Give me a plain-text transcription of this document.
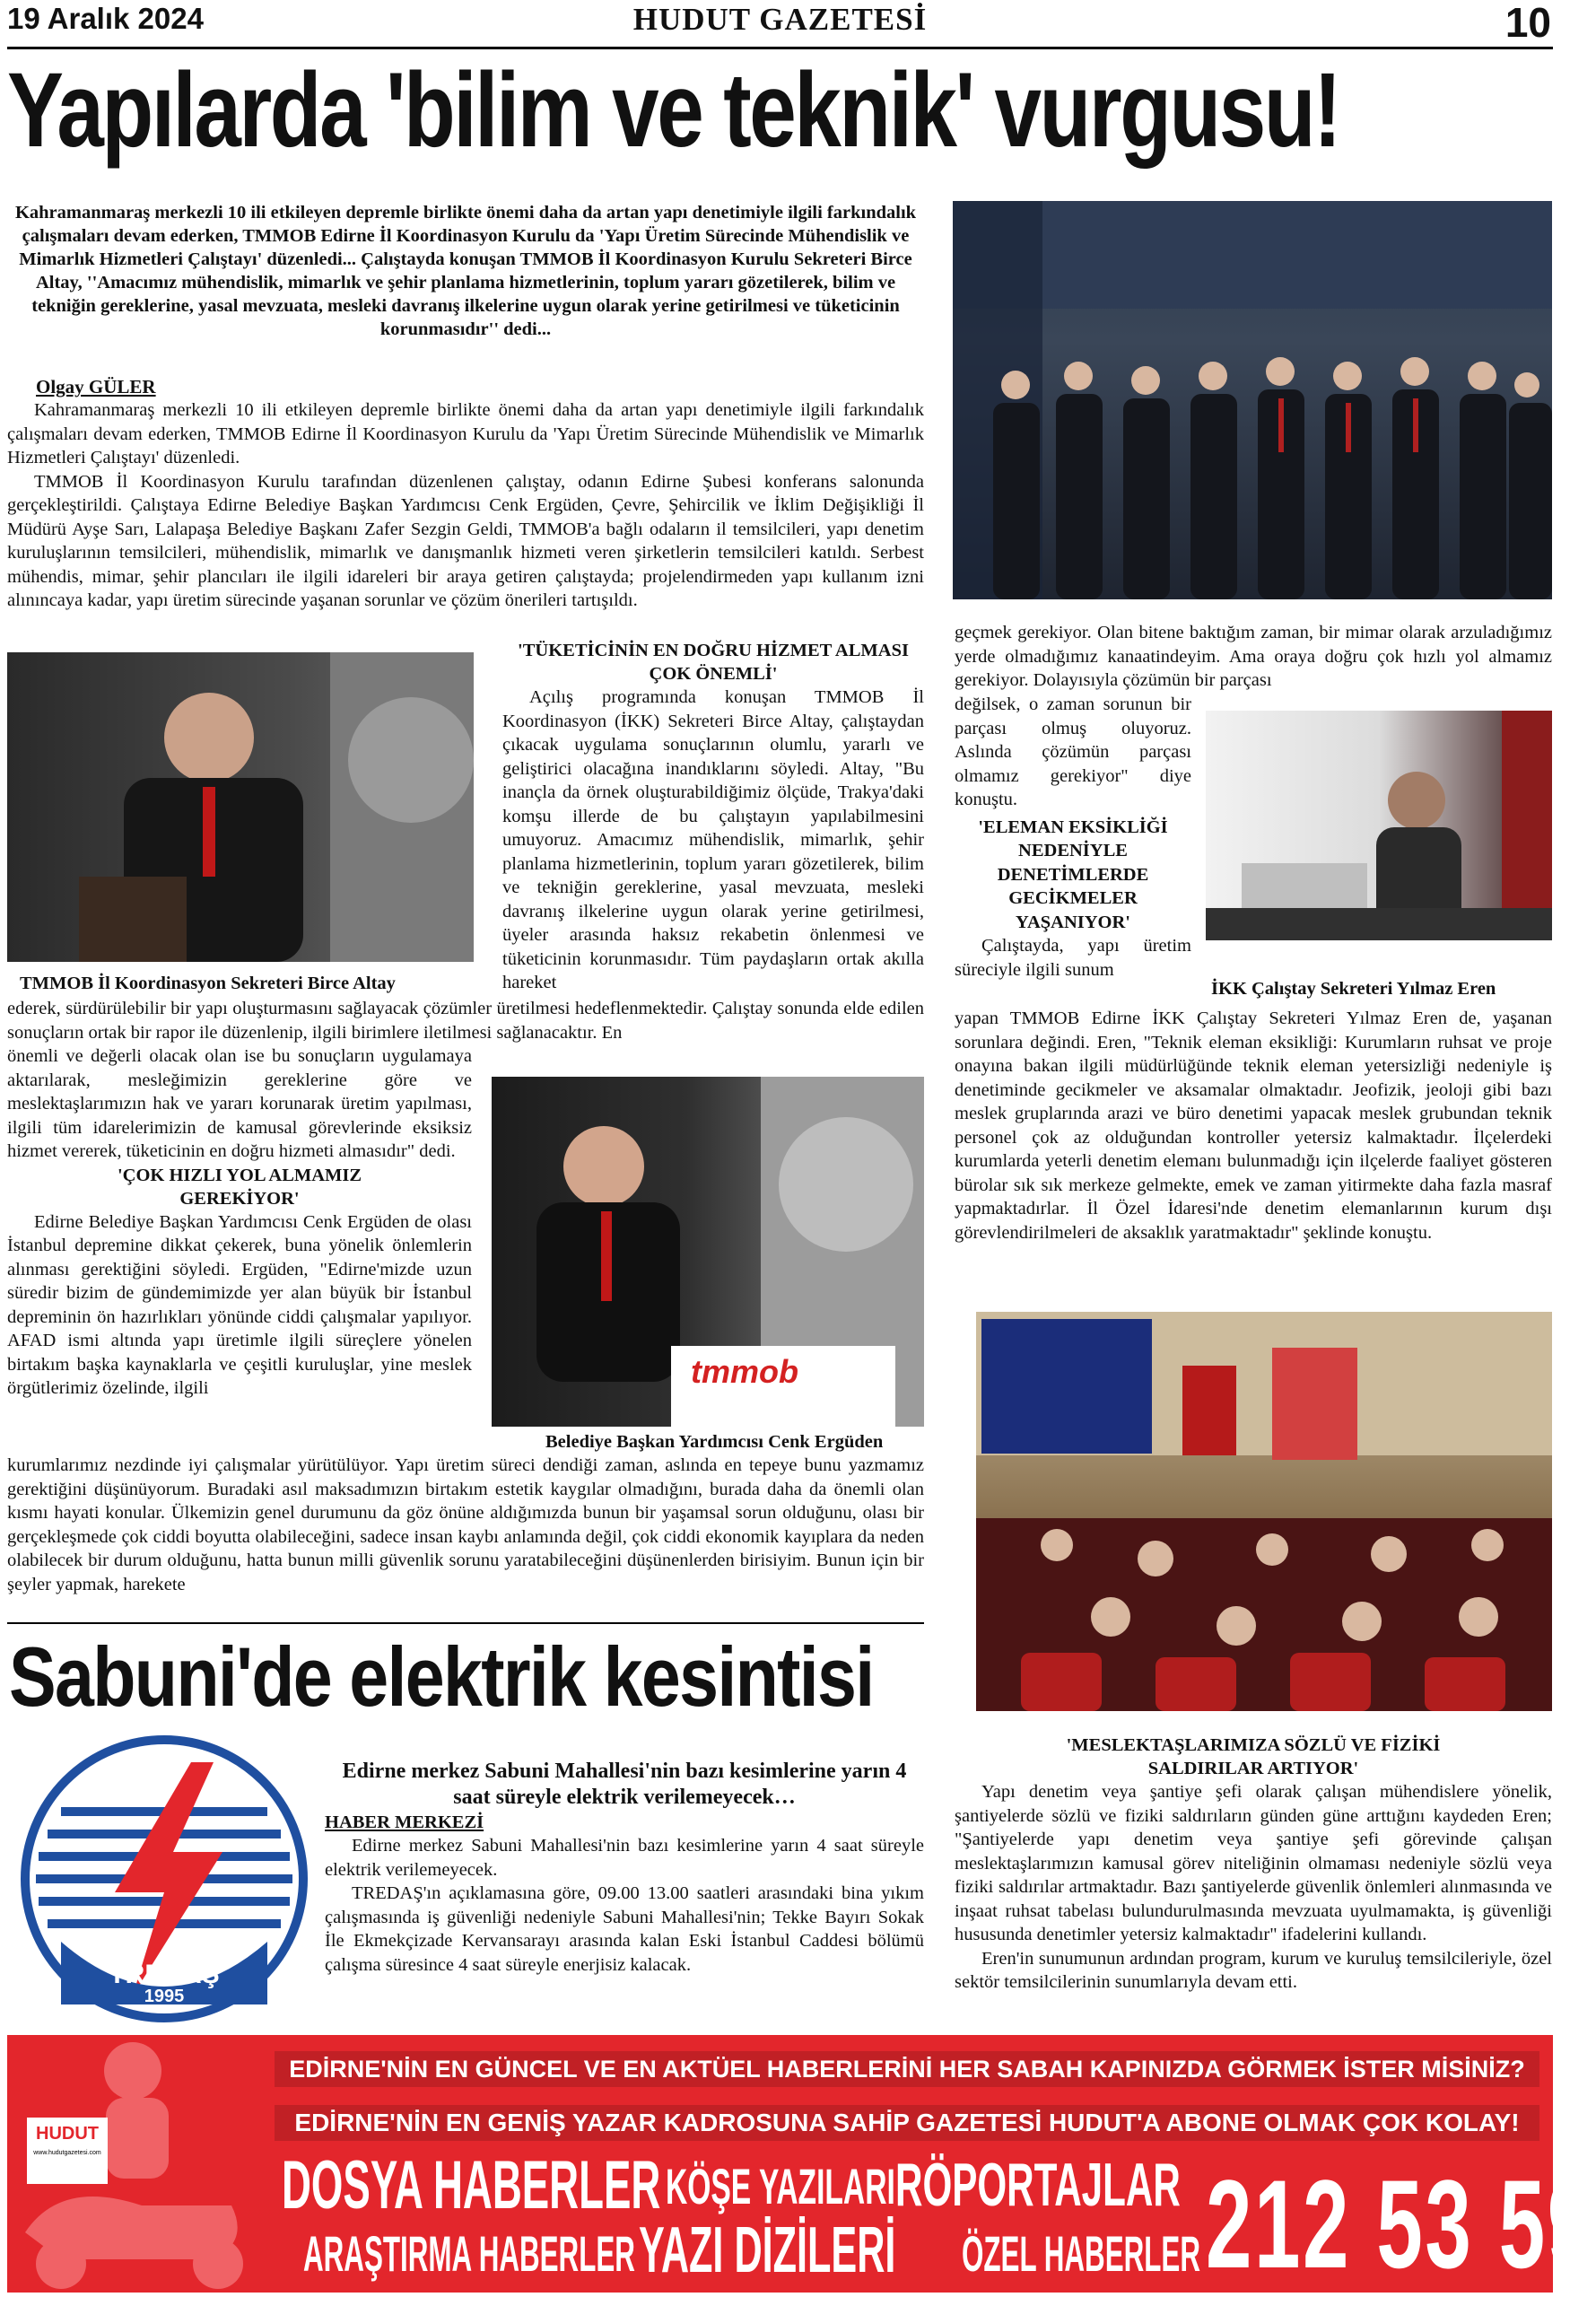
19 Aralık 2024	HUDUT GAZETESİ	10
Yapılarda 'bilim ve teknik' vurgusu!
Kahramanmaraş merkezli 10 ili etkileyen depremle birlikte önemi daha da artan yapı denetimiyle ilgili farkındalık çalışmaları devam ederken, TMMOB Edirne İl Koordinasyon Kurulu da 'Yapı Üretim Sürecinde Mühendislik ve Mimarlık Hizmetleri Çalıştayı' düzenledi... Çalıştayda konuşan TMMOB İl Koordinasyon Kurulu Sekreteri Birce Altay, ''Amacımız mühendislik, mimarlık ve şehir planlama hizmetlerinin, toplum yararı gözetilerek, bilim ve tekniğin gereklerine, yasal mevzuata, mesleki davranış ilkelerine uygun olarak yerine getirilmesi ve tüketicinin korunmasıdır'' dedi...
Olgay GÜLER

Kahramanmaraş merkezli 10 ili etkileyen depremle birlikte önemi daha da artan yapı denetimiyle ilgili farkındalık çalışmaları devam ederken, TMMOB Edirne İl Koordinasyon Kurulu da 'Yapı Üretim Sürecinde Mühendislik ve Mimarlık Hizmetleri Çalıştayı' düzenledi.

TMMOB İl Koordinasyon Kurulu tarafından düzenlenen çalıştay, odanın Edirne Şubesi konferans salonunda gerçekleştirildi. Çalıştaya Edirne Belediye Başkan Yardımcısı Cenk Ergüden, Çevre, Şehircilik ve İklim Değişikliği İl Müdürü Ayşe Sarı, Lalapaşa Belediye Başkanı Zafer Sezgin Geldi, TMMOB'a bağlı odaların il temsilcileri, yapı denetim kuruluşlarının temsilcileri, mühendislik, mimarlık ve danışmanlık hizmeti veren şirketlerin temsilcileri katıldı. Serbest mühendis, mimar, şehir plancıları ile ilgili idareleri bir araya getiren çalıştayda; projelendirmeden yapı kullanım izni alınıncaya kadar, yapı üretim sürecinde yaşanan sorunlar ve çözüm önerileri tartışıldı.

TMMOB İl Koordinasyon Sekreteri Birce Altay
'TÜKETİCİNİN EN DOĞRU HİZMET ALMASI ÇOK ÖNEMLİ'

Açılış programında konuşan TMMOB İl Koordinasyon (İKK) Sekreteri Birce Altay, çalıştaydan çıkacak uygulama sonuçlarının olumlu, yararlı ve geliştirici olacağına inandıklarını söyledi. Altay, "Bu inançla da örnek oluşturabildiğimiz ölçüde, Trakya'daki komşu illerde de bu çalıştayın yapılabilmesini umuyoruz. Amacımız mühendislik, mimarlık, şehir planlama hizmetlerinin, toplum yararı gözetilerek, bilim ve tekniğin gereklerine, yasal mevzuata, mesleki davranış ilkelerine uygun olarak yerine getirilmesi, üyeler arasında haksız rekabetin önlenmesi ve tüketicinin korunmasıdır. Tüm paydaşların ortak akılla hareket

ederek, sürdürülebilir bir yapı oluşturmasını sağlayacak çözümler üretilmesi hedeflenmektedir. Çalıştay sonunda elde edilen sonuçların ortak bir rapor ile düzenlenip, ilgili birimlere iletilmesi sağlanacaktır. En

önemli ve değerli olacak olan ise bu sonuçların uygulamaya aktarılarak, mesleğimizin gereklerine göre ve meslektaşlarımızın hak ve yararı korunarak üretim yapılması, ilgili tüm idarelerimizin de kamusal görevlerinde eksiksiz hizmet vererek, tüketicinin en doğru hizmeti almasıdır" dedi.

'ÇOK HIZLI YOL ALMAMIZ GEREKİYOR'

Edirne Belediye Başkan Yardımcısı Cenk Ergüden de olası İstanbul depremine dikkat çekerek, buna yönelik önlemlerin alınması gerektiğini söyledi. Ergüden, "Edirne'mizde uzun süredir bizim de gündemimizde yer alan büyük bir İstanbul depreminin ön hazırlıkları yönünde ciddi çalışmalar yapılıyor. AFAD ismi altında yapı üretimle ilgili süreçlere yönelen birtakım başka kaynaklarla ve çeşitli kuruluşlar, yine meslek örgütlerimiz özelinde, ilgili	tmmob
Belediye Başkan Yardımcısı Cenk Ergüden

kurumlarımız nezdinde iyi çalışmalar yürütülüyor. Yapı üretim süreci dendiği zaman, aslında en tepeye bunu yazmamız gerektiğini düşünüyorum. Buradaki asıl maksadımızın birtakım estetik kaygılar olmadığını, burada daha da önemli olan kısmı hayati konular. Ülkemizin genel durumunu da göz önüne aldığımızda bunun bir yaşamsal sorun olduğunu, olası bir gerçekleşmede çok ciddi boyutta olabileceğini, sadece insan kaybı anlamında değil, çok ciddi ekonomik kayıplara da neden olabilecek bir durum olduğunu, hatta bunun milli güvenlik sorunu yaratabileceğini düşünenlerden birisiyim. Bunun için bir şeyler yapmak, harekete

geçmek gerekiyor. Olan bitene baktığım zaman, bir mimar olarak arzuladığımız yerde olmadığımız kanaatindeyim. Ama oraya doğru çok hızlı yol almamız gerekiyor. Dolayısıyla çözümün bir parçası

değilsek, o zaman sorunun bir parçası olmuş oluyoruz. Aslında çözümün parçası olmamız gerekiyor" diye konuştu.

'ELEMAN EKSİKLİĞİ NEDENİYLE DENETİMLERDE GECİKMELER YAŞANIYOR'

Çalıştayda, yapı üretim süreciyle ilgili sunum

İKK Çalıştay Sekreteri Yılmaz Eren

yapan TMMOB Edirne İKK Çalıştay Sekreteri Yılmaz Eren de, yaşanan sorunlara değindi. Eren, "Teknik eleman eksikliği: Kurumların ruhsat ve proje onayına bakan ilgili müdürlüğünde teknik eleman yetersizliği nedeniyle iş denetiminde gecikmeler ve aksamalar olmaktadır. Jeofizik, jeoloji gibi bazı meslek gruplarında arazi ve büro denetimi yapacak meslek grubundan teknik personel çok az olduğundan kontroller yetersiz kalmaktadır. İlçelerdeki kurumlarda yeterli denetim elemanı bulunmadığı için ilçelerde faaliyet gösteren bürolar sık sık merkeze gelmekte, emek ve zaman yitirmekte daha fazla masraf yapmaktadırlar. İl Özel İdaresi'nde denetim elemanlarının kurum dışı görevlendirilmeleri de aksaklık yaratmaktadır" şeklinde konuştu.

'MESLEKTAŞLARIMIZA SÖZLÜ VE FİZİKİ SALDIRILAR ARTIYOR'

Yapı denetim veya şantiye şefi olarak çalışan mühendislere yönelik, şantiyelerde sözlü ve fiziki saldırıların günden güne arttığını kaydeden Eren; "Şantiyelerde yapı denetim veya şantiye şefi görevinde çalışan meslektaşlarımızın kamusal görev niteliğinin olmaması nedeniyle sözlü veya fiziki saldırılar artmaktadır. Bazı şantiyelerde güvenlik önlemleri alınmasında ve inşaat ruhsat tabelası bulundurulmasında mevzuata uyulmamakta, iş güvenliği hususunda denetimler yetersiz kalmaktadır" ifadelerini kullandı.

Eren'in sunumunun ardından program, kurum ve kuruluş temsilcileriyle, özel sektör temsilcilerinin sunumlarıyla devam etti.

Sabuni'de elektrik kesintisi
TREDAŞ
1995
Edirne merkez Sabuni Mahallesi'nin bazı kesimlerine yarın 4 saat süreyle elektrik verilemeyecek…
HABER MERKEZİ

Edirne merkez Sabuni Mahallesi'nin bazı kesimlerine yarın 4 saat süreyle elektrik verilemeyecek.

TREDAŞ'ın açıklamasına göre, 09.00 13.00 saatleri arasındaki bina yıkım çalışmasında iş güvenliği nedeniyle Sabuni Mahallesi'nin; Tekke Bayırı Sokak İle Ekmekçizade Kervansarayı arasında kalan Eski İstanbul Caddesi bölümü çalışma süresince 4 saat süreyle enerjisiz kalacak.

HUDUT
www.hudutgazetesi.com
EDİRNE'NİN EN GÜNCEL VE EN AKTÜEL HABERLERİNİ HER SABAH KAPINIZDA GÖRMEK İSTER MİSİNİZ?
EDİRNE'NİN EN GENİŞ YAZAR KADROSUNA SAHİP GAZETESİ HUDUT'A ABONE OLMAK ÇOK KOLAY!
DOSYA HABERLER KÖŞE YAZILARI RÖPORTAJLAR
ARAŞTIRMA HABERLER YAZI DİZİLERİ ÖZEL HABERLER 212 53 59
